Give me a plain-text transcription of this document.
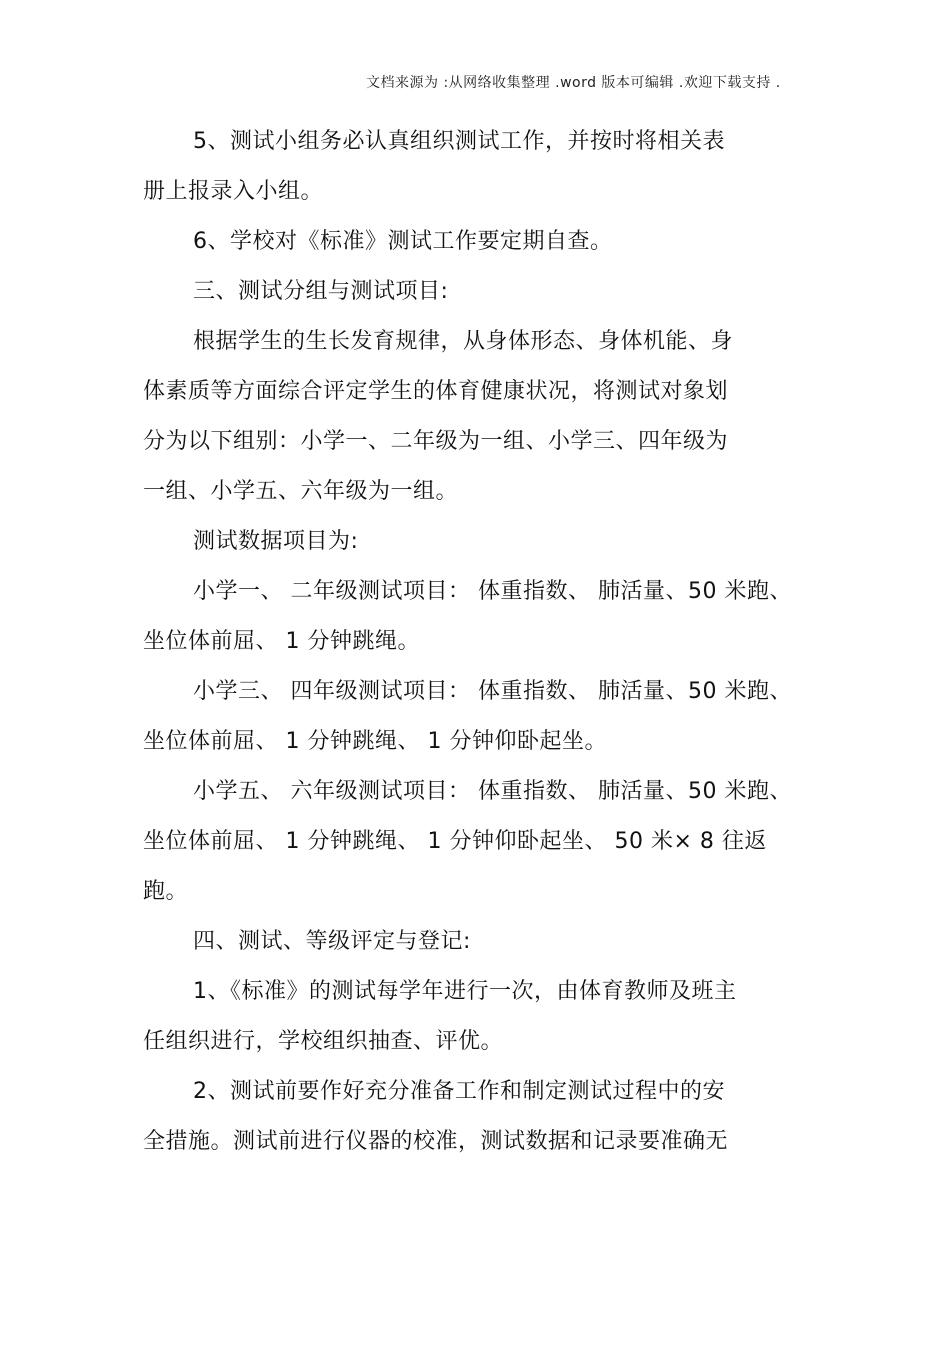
文档来源为 :从网络收集整理 .word 版本可编辑 .欢迎下载支持 .
5、测试小组务必认真组织测试工作，并按时将相关表
册上报录入小组。
6、学校对《标准》测试工作要定期自查。
三、测试分组与测试项目:
根据学生的生长发育规律，从身体形态、身体机能、身
体素质等方面综合评定学生的体育健康状况，将测试对象划
分为以下组别：小学一、二年级为一组、小学三、四年级为
一组、小学五、六年级为一组。
测试数据项目为:
小学一、 二年级测试项目： 体重指数、 肺活量、50 米跑、
坐位体前屈、 1 分钟跳绳。
小学三、 四年级测试项目： 体重指数、 肺活量、50 米跑、
坐位体前屈、 1 分钟跳绳、 1 分钟仰卧起坐。
小学五、 六年级测试项目： 体重指数、 肺活量、50 米跑、
坐位体前屈、 1 分钟跳绳、 1 分钟仰卧起坐、 50 米× 8 往返
跑。
四、测试、等级评定与登记:
1、《标准》的测试每学年进行一次，由体育教师及班主
任组织进行，学校组织抽查、评优。
2、测试前要作好充分准备工作和制定测试过程中的安
全措施。测试前进行仪器的校准，测试数据和记录要准确无
